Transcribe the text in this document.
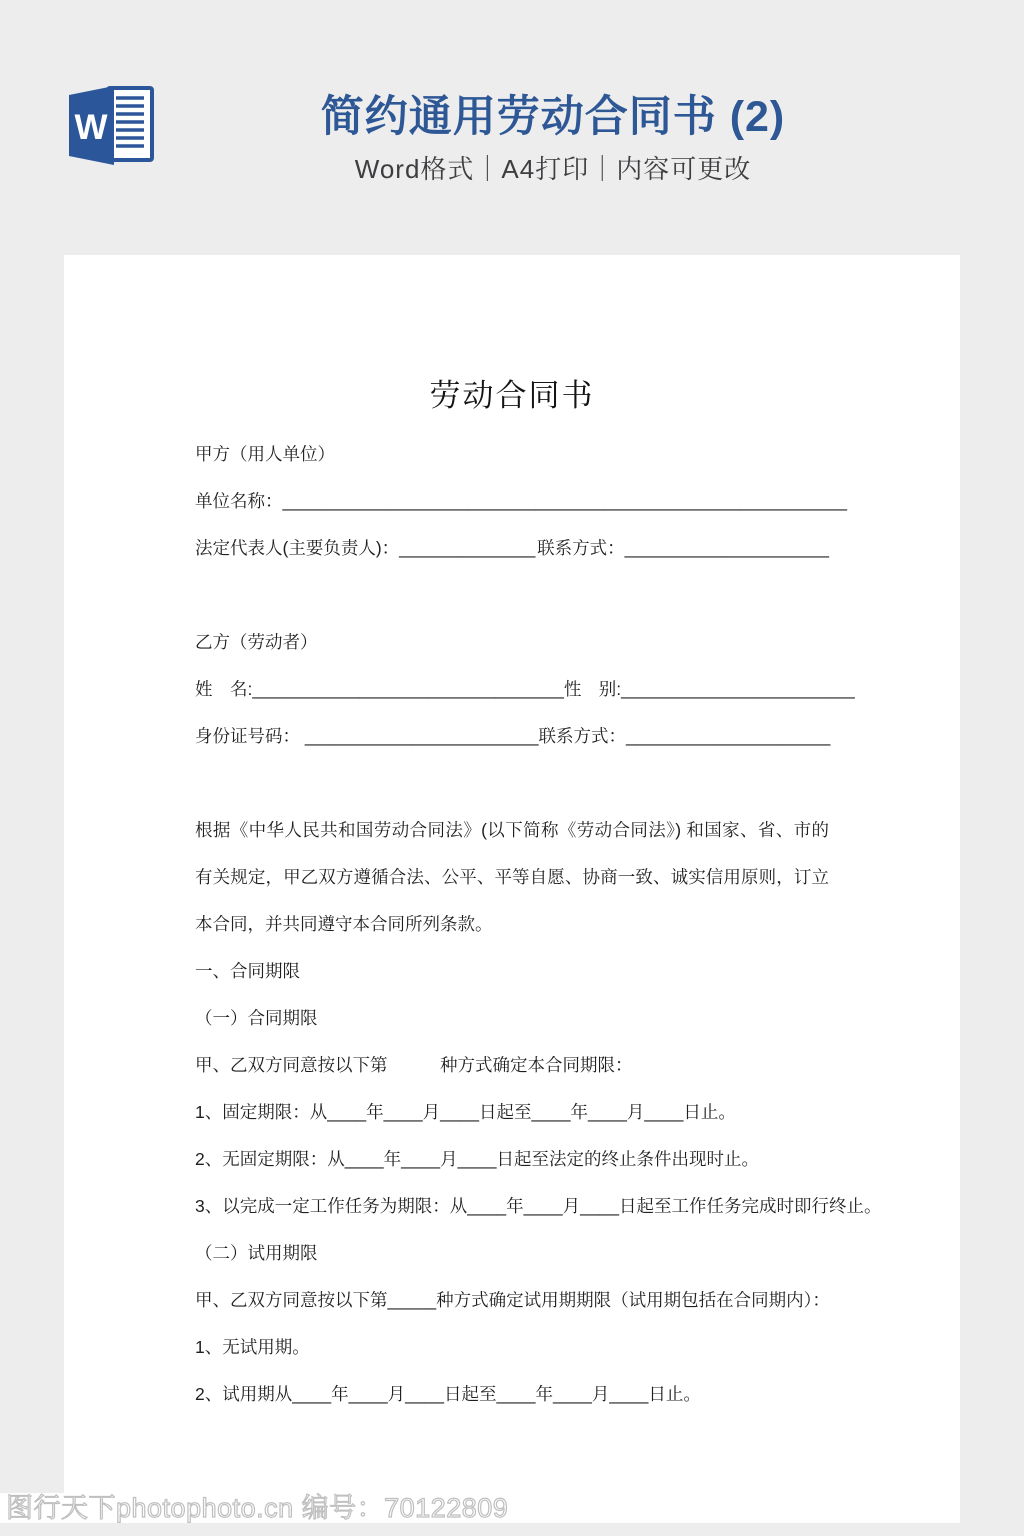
W	简约通用劳动合同书 (2)
Word格式｜A4打印｜内容可更改
劳动合同书
甲方（用人单位）
单位名称：__________________________________________________________
法定代表人(主要负责人)：______________ 联系方式：_____________________
乙方（劳动者）
姓　名:________________________________ 性　别:________________________
身份证号码： ________________________ 联系方式：_____________________
根据《中华人民共和国劳动合同法》(以下简称《劳动合同法》) 和国家、省、市的有关规定，甲乙双方遵循合法、公平、平等自愿、协商一致、诚实信用原则，订立本合同，并共同遵守本合同所列条款。
一、合同期限
（一）合同期限
甲、乙双方同意按以下第　　　种方式确定本合同期限：
1、固定期限：从____年____月____日起至____年____月____日止。
2、无固定期限：从____年____月____日起至法定的终止条件出现时止。
3、以完成一定工作任务为期限：从____年____月____日起至工作任务完成时即行终止。
（二）试用期限
甲、乙双方同意按以下第_____种方式确定试用期期限（试用期包括在合同期内）：
1、无试用期。
2、试用期从____年____月____日起至____年____月____日止。
图行天下photophoto.cn 编号：70122809
